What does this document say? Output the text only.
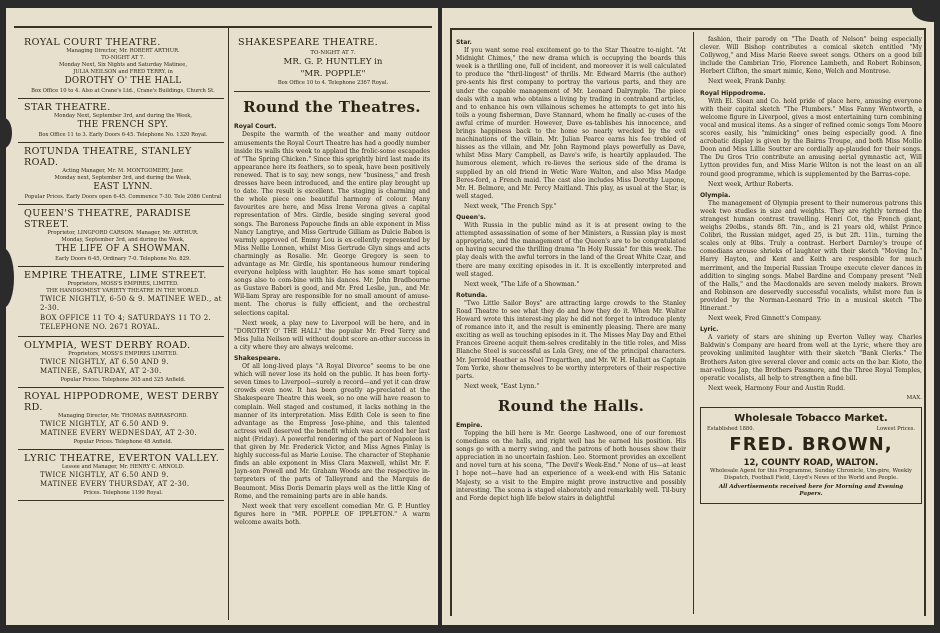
ROYAL COURT THEATRE.
Managing Director, Mr. ROBERT ARTHUR.
TO-NIGHT AT 7.
Monday Next, Six Nights and Saturday Matinee,
JULIA NEILSON and FRED TERRY, in
DOROTHY O' THE HALL
Box Office 10 to 4. Also at Crane's Ltd., Crane's Buildings, Church St.
STAR THEATRE.
Monday Next, September 3rd, and during the Week,
THE FRENCH SPY.
Box Office 11 to 3. Early Doors 6-45. Telephone No. 1320 Royal.
ROTUNDA THEATRE, STANLEY ROAD.
Acting Manager, Mr. M. MONTGOMERY, Junr.
Monday next, September 3rd, and during the Week,
EAST LYNN.
Popular Prices. Early Doors open 6-45. Commence 7-30. Tele 2086 Central
QUEEN'S THEATRE, PARADISE STREET.
Proprietor, LINGFORD CARSON. Manager, Mr. ARTHUR.
Monday, September 3rd, and during the Week,
THE LIFE OF A SHOWMAN.
Early Doors 6-45, Ordinary 7-0. Telephone No. 829.
EMPIRE THEATRE, LIME STREET.
Proprietors, MOSS'S EMPIRES, LIMITED.
THE HANDSOMEST VARIETY THEATRE IN THE WORLD.
TWICE NIGHTLY, 6-50 & 9. MATINEE WED., at 2-30.
BOX OFFICE 11 TO 4; SATURDAYS 11 TO 2.
TELEPHONE NO. 2671 ROYAL.
OLYMPIA, WEST DERBY ROAD.
Proprietors, MOSS'S EMPIRES LIMITED.
TWICE NIGHTLY, AT 6.50 AND 9.
MATINEE, SATURDAY, AT 2-30.
Popular Prices. Telephone 305 and 325 Anfield.
ROYAL HIPPODROME, WEST DERBY RD.
Managing Director, Mr. THOMAS BARRASFORD.
TWICE NIGHTLY, AT 6.50 AND 9.
MATINEE EVERY WEDNESDAY, AT 2-30.
Popular Prices. Telephone 48 Anfield.
LYRIC THEATRE, EVERTON VALLEY.
Lessee and Manager, Mr. HENRY C. ARNOLD.
TWICE NIGHTLY, AT 6.50 AND 9.
MATINEE EVERY THURSDAY, AT 2-30.
Prices. Telephone 1190 Royal.
SHAKESPEARE THEATRE.
TO-NIGHT AT 7.
MR. G. P. HUNTLEY in
"MR. POPPLE"
Box Office 10 to 4. Telephone 2367 Royal.
Round the Theatres.
Royal Court.

Despite the warmth of the weather and many outdoor amusements the Royal Court Theatre has had a goodly number inside its walls this week to applaud the frolic-some escapades of "The Spring Chicken." Since this sprightly bird last made its appearance here its feathers, so to speak, have been positively renewed. That is to say, new songs, new "business," and fresh dresses have been introduced, and the entire play brought up to date. The result is excellent. The staging is charming and the whole piece one beautiful harmony of colour. Many favourites are here, and Miss Irene Verona gives a capital representation of Mrs. Girdle, beside singing several good songs. The Baroness Papouche finds an able exponent in Miss Nancy Langtrye, and Miss Gertrude Gilliam as Dulcie Babon is warmly approved of. Emmy Lou is ex-cellently represented by Miss Nellie Lonnen, whilst Miss Gertrude Glyn sings and acts charmingly as Rosalie. Mr. George Gregory is seen to advantage as Mr. Girdle, his spontaneous humour rendering everyone helpless with laughter. He has some smart topical songs also to com-bine with his dances. Mr. John Bradbourne as Gustave Babori is good, and Mr. Fred Leslie, jun., and Mr. Wil-liam Spray are responsible for no small amount of amuse-ment. The chorus is fully efficient, and the orchestral selections capital.

Next week, a play new to Liverpool will be here, and in "DOROTHY O' THE HALL" the popular Mr. Fred Terry and Miss Julia Neilson will without doubt score an-other success in a city where they are always welcome.

Shakespeare.

Of all long-lived plays "A Royal Divorce" seems to be one which will never lose its hold on the public. It has been forty-seven times to Liverpool—surely a record—and yet it can draw crowds even now. It has been greatly ap-preciated at the Shakespeare Theatre this week, so no one will have reason to complain. Well staged and costumed, it lacks nothing in the manner of its interpretation. Miss Edith Cole is seen to fine advantage as the Empress Jose-phine, and this talented actress well deserved the benefit which was accorded her last night (Friday). A powerful rendering of the part of Napoleon is that given by Mr. Frederick Victor, and Miss Agnes Finlay is highly success-ful as Marie Louise. The character of Stephanie finds an able exponent in Miss Clara Maxwell, whilst Mr. F. Jayn-son Powell and Mr. Graham Woods are the respective in-terpreters of the parts of Talleyrand and the Marquis de Beaumont. Miss Doris Demarin plays well as the little King of Rome, and the remaining parts are in able hands.

Next week that very excellent comedian Mr. G. P. Huntley figures here in "MR. POPPLE OF IPPLETON." A warm welcome awaits both.

Star.

If you want some real excitement go to the Star Theatre to-night. "At Midnight Chimes," the new drama which is occupying the boards this week is a thrilling one, full of incident, and moreover it is well calculated to produce the "thril-lingest" of thrills. Mr. Edward Marris (the author) pre-sents his first company to portray the various parts, and they are under the capable management of Mr. Leonard Dalrymple. The piece deals with a man who obtains a living by trading in contraband articles, and to enhance his own villainous schemes he attempts to get into his toils a young fisherman, Dave Stannard, whom he finally ac-cuses of the awful crime of murder. However, Dave es-tablishes his innocence, and brings happiness back to the home so nearly wrecked by the evil machinations of the villain. Mr. Julian Pearce earns his fee trebled of hisses as the villain, and Mr. John Raymond plays powerfully as Dave, whilst Miss Mary Campbell, as Dave's wife, is heartily applauded. The humorous element, which re-lieves the serious side of the drama is supplied by an old friend in Wetic Ware Walton, and also Miss Madge Beres-ford, a French maid. The cast also includes Miss Dorothy Lupone, Mr. H. Belmore, and Mr. Percy Maitland. This play, as usual at the Star, is well staged.

Next week, "The French Spy."

Queen's.

With Russia in the public mind as it is at present owing to the attempted assassination of some of her Ministers, a Russian play is most appropriate, and the management of the Queen's are to be congratulated on having secured the thrilling drama "In Holy Russia" for this week. The play deals with the awful terrors in the land of the Great White Czar, and there are many exciting episodes in it. It is excellently interpreted and well staged.

Next week, "The Life of a Showman."

Rotunda.

"Two Little Sailor Boys" are attracting large crowds to the Stanley Road Theatre to see what they do and how they do it. When Mr. Walter Howard wrote this interest-ing play he did not forget to introduce plenty of romance into it, and the result is eminently pleasing. There are many exciting as well as touching episodes in it. The Misses May Day and Ethel Frances Greene acquit them-selves creditably in the title roles, and Miss Blanche Steel is successful as Lola Grey, one of the principal characters. Mr. Jerrold Heather as Noel Tregarthen, and Mr. W. H. Hallatt as Captain Tom Yorke, show themselves to be worthy interpreters of their respective parts.

Next week, "East Lynn."

Round the Halls.
Empire.

Topping the bill here is Mr. George Lashwood, one of our foremost comedians on the halls, and right well has he earned his position. His songs go with a merry swing, and the patrons of both houses show their appreciation in no uncertain fashion. Leo. Stormont provides an excellent and novel turn at his scena, "The Devil's Week-End." None of us—at least I hope not—have had an experience of a week-end with His Satanic Majesty, so a visit to the Empire might prove instructive and possibly interesting. The scena is staged elaborately and remarkably well. Til-bury and Forde depict high life below stairs in delightful

fashion, their parody on "The Death of Nelson" being especially clever. Will Bishop contributes a comical sketch entitled "My Collywog," and Miss Marie Reeve sweet songs. Others on a good bill include the Cambrian Trio, Florence Lambeth, and Robert Robinson, Herbert Clifton, the smart mimic, Keno, Welch and Montrose.

Next week, Frank Danby.

Royal Hippodrome.

With El. Sloan and Co. hold pride of place here, amusing everyone with their capital sketch "The Plumbers." Miss Fanny Wentworth, a welcome figure in Liverpool, gives a most entertaining turn combining vocal and musical items. As a singer of refined comic songs Tom Moore scores easily, his "mimicking" ones being especially good. A fine acrobatic display is given by the Bairns Troupe, and both Miss Mollie Doon and Miss Lillie Soutter are cordially ap-plauded for their songs. The Du Gros Trio contribute an amusing aerial gymnastic act, Will Lytton provides fun, and Miss Marie Wilton is not the least on an all round good programme, which is supplemented by the Barras-cope.

Next week, Arthur Roberts.

Olympia.

The management of Olympia present to their numerous patrons this week two studies in size and weights. They are rightly termed the strangest human contrast travelling. Henri Cot, the French giant, weighs 29olbs., stands 8ft. 7in., and is 21 years old, whilst Prince Colibri, the Russian midget, aged 25, is but 2ft. 11in., turning the scales only at 9lbs. Truly a contrast. Herbert Darnley's troupe of comedians arouse shrieks of laughter with their sketch "Moving In." Harry Hayton, and Kent and Keith are responsible for much merriment, and the Imperial Russian Troupe execute clever dances in addition to singing songs. Mabel Bardine and Company present "Nell of the Halls," and the Macdonalds are seven melody makers. Brown and Robinson are deservedly successful vocalists, whilst more fun is provided by the Norman-Leonard Trio in a musical sketch "The Itinerant."

Next week, Fred Ginnett's Company.

Lyric.

A variety of stars are shining up Everton Valley way. Charles Baldwin's Company are heard from well at the Lyric, where they are provoking unlimited laughter with their sketch "Bank Clerks." The Brothers Aston give several clever and comic acts on the bar. Kioto, the mar-vellous Jap, the Brothers Passmore, and the Three Royal Temples, operatic vocalists, all help to strengthen a fine bill.

Next week, Harmony Four and Austin Rudd.

MAX.
Wholesale Tobacco Market.
Established 1880.	Lowest Prices.
FRED. BROWN,
12, COUNTY ROAD, WALTON.
Wholesale Agent for this Programme, Sunday Chronicle, Um-pire, Weekly Dispatch, Football Field, Lloyd's News of the World and People.
All Advertisements received here for Morning and Evening Papers.
